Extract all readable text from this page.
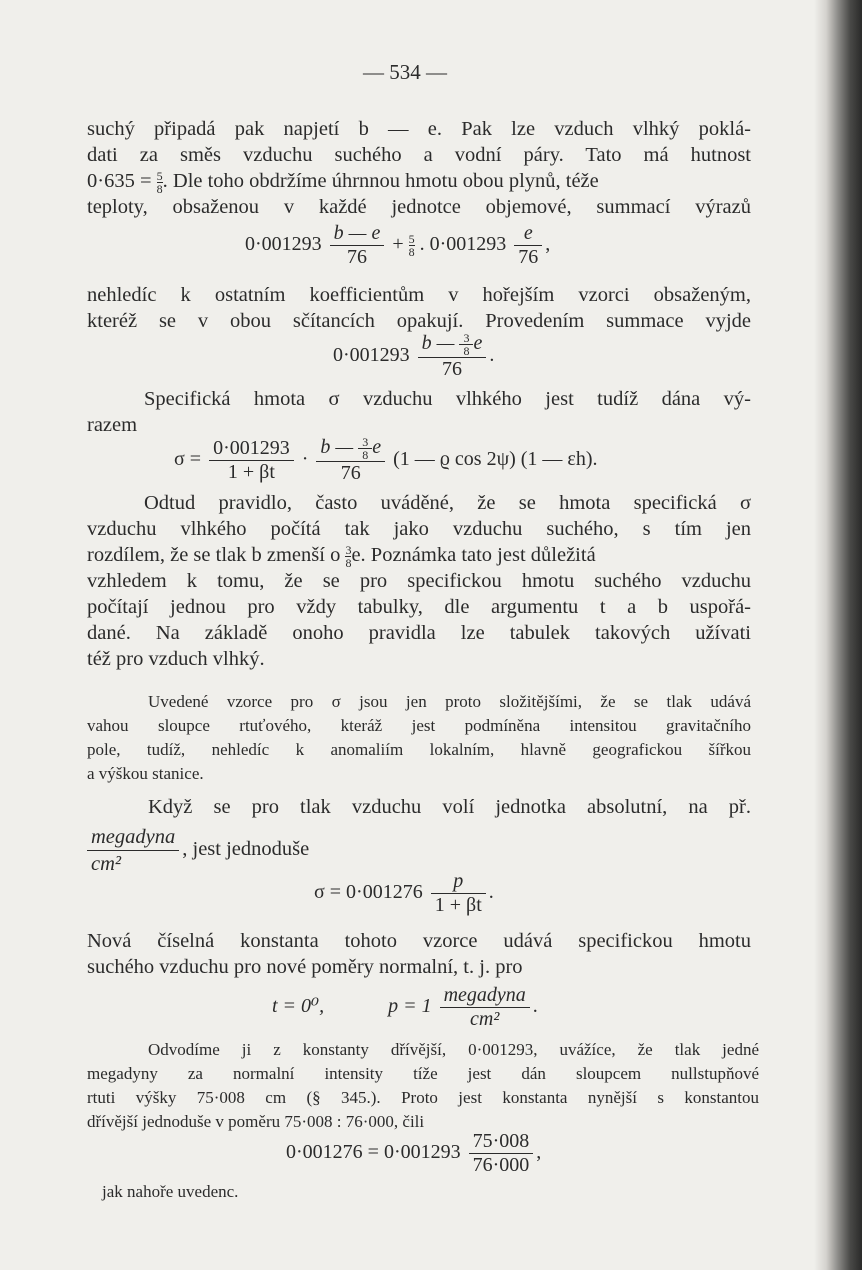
— 534 —
suchý připadá pak napjetí b — e. Pak lze vzduch vlhký poklá-
dati za směs vzduchu suchého a vodní páry. Tato má hutnost
$0\cdot 635 = \frac{5}{8}$ . Dle toho obdržíme úhrnnou hmotu obou plynů, téže
teploty, obsaženou v každé jednotce objemové, summací výrazů
$0\cdot 001293 \frac{b — e}{76} + \frac{5}{8}$ . $0\cdot 001293 \frac{e}{76}$ ,
nehledíc k ostatním koefficientům v hořejším vzorci obsaženým,
kteréž se v obou sčítancích opakují. Provedením summace vyjde
$0\cdot 001293 \frac{b — \frac{3}{8} e}{76}$ .
Specifická hmota σ vzduchu vlhkého jest tudíž dána vý-
razem
$\sigma = \frac{0\cdot 001293}{1 + \beta t} \cdot \frac{b — \frac{3}{8} e}{76} (1$ — ϱ cos 2ψ) (1 — εh).
Odtud pravidlo, často uváděné, že se hmota specifická σ
vzduchu vlhkého počítá tak jako vzduchu suchého, s tím jen
rozdílem, že se tlak b zmenší o $\frac{3}{8} e$. Poznámka tato jest důležitá
vzhledem k tomu, že se pro specifickou hmotu suchého vzduchu
počítají jednou pro vždy tabulky, dle argumentu t a b uspořá-
dané. Na základě onoho pravidla lze tabulek takových užívati
též pro vzduch vlhký.
Uvedené vzorce pro σ jsou jen proto složitějšími, že se tlak udává
vahou sloupce rtuťového, kteráž jest podmíněna intensitou gravitačního
pole, tudíž, nehledíc k anomaliím lokalním, hlavně geografickou šířkou
a výškou stanice.
Když se pro tlak vzduchu volí jednotka absolutní, na př.
$\frac{\text{megadyna}}{\text{cm²}}$ , jest jednoduše
$\sigma = 0\cdot 001276 \frac{p}{1 + \beta t}$ .
Nová číselná konstanta tohoto vzorce udává specifickou hmotu
suchého vzduchu pro nové poměry normalní, t. j. pro
t = 0⁰,	$p = 1 \frac{\text{megadyna}}{\text{cm²}}$ .
Odvodíme ji z konstanty dřívější, 0·001293, uvážíce, že tlak jedné
megadyny za normalní intensity tíže jest dán sloupcem nullstupňové
rtuti výšky 75·008 cm (§ 345.). Proto jest konstanta nynější s konstantou
dřívější jednoduše v poměru 75·008 : 76·000, čili
$0\cdot 001276 = 0\cdot 001293 \frac{75\cdot 008}{76\cdot 000}$ ,
jak nahoře uvedenc.
